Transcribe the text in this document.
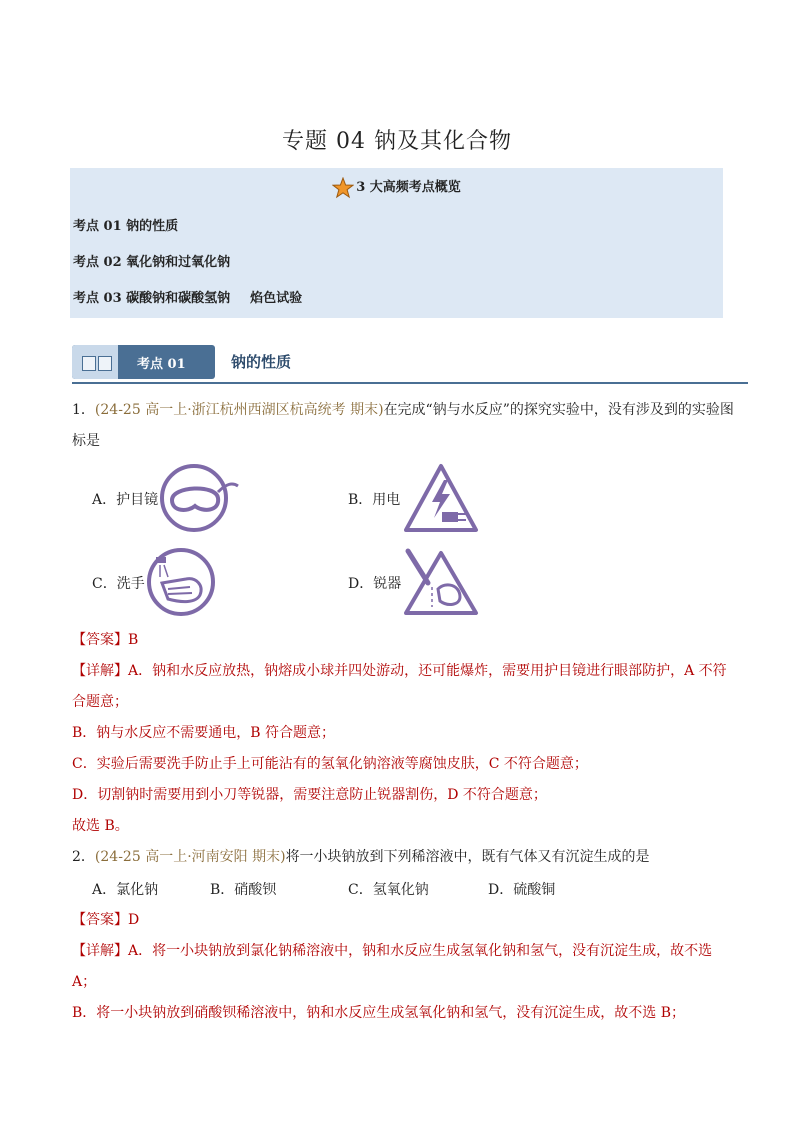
专题 04 钠及其化合物
3 大高频考点概览
考点 01 钠的性质
考点 02 氧化钠和过氧化钠
考点 03 碳酸钠和碳酸氢钠 焰色试验
考点 01	钠的性质
1．(24-25 高一上·浙江杭州西湖区杭高统考 期末)在完成“钠与水反应”的探究实验中，没有涉及到的实验图
标是
A．护目镜	B．用电
C．洗手	D．锐器
【答案】B
【详解】A．钠和水反应放热，钠熔成小球并四处游动，还可能爆炸，需要用护目镜进行眼部防护，A 不符
合题意；
B．钠与水反应不需要通电，B 符合题意；
C．实验后需要洗手防止手上可能沾有的氢氧化钠溶液等腐蚀皮肤，C 不符合题意；
D．切割钠时需要用到小刀等锐器，需要注意防止锐器割伤，D 不符合题意；
故选 B。
2．(24-25 高一上·河南安阳 期末)将一小块钠放到下列稀溶液中，既有气体又有沉淀生成的是
A．氯化钠	B．硝酸钡	C．氢氧化钠	D．硫酸铜
【答案】D
【详解】A．将一小块钠放到氯化钠稀溶液中，钠和水反应生成氢氧化钠和氢气，没有沉淀生成，故不选
A；
B．将一小块钠放到硝酸钡稀溶液中，钠和水反应生成氢氧化钠和氢气，没有沉淀生成，故不选 B；
